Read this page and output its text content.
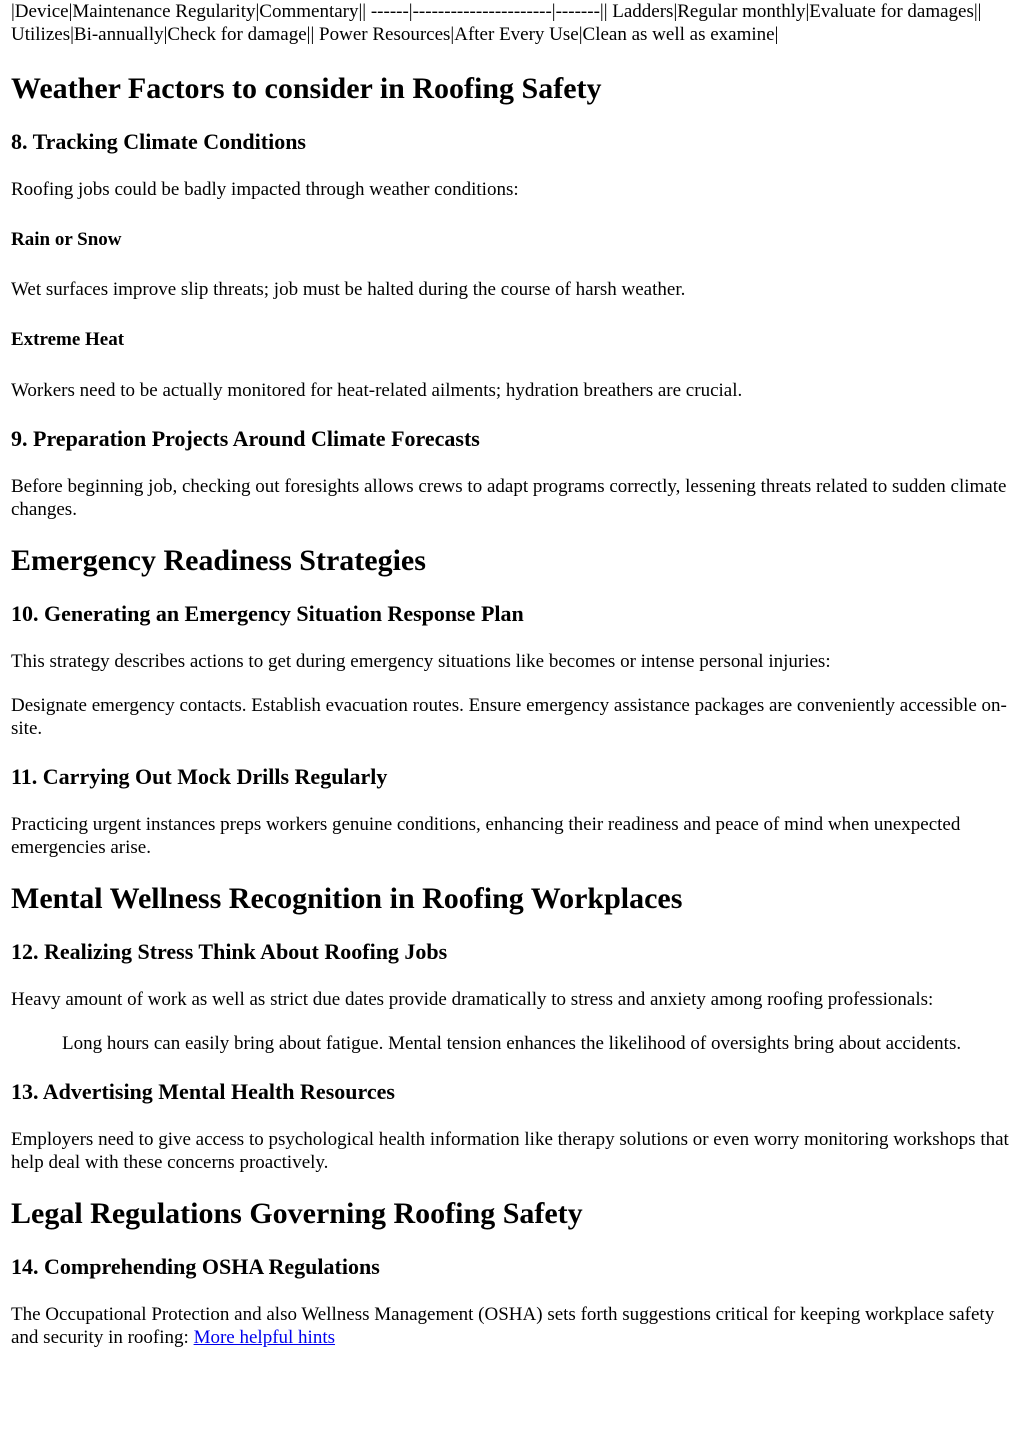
|Device|Maintenance Regularity|Commentary|| ------|----------------------|-------|| Ladders|Regular monthly|Evaluate for damages|| Utilizes|Bi-annually|Check for damage|| Power Resources|After Every Use|Clean as well as examine|

Weather Factors to consider in Roofing Safety
8. Tracking Climate Conditions

Roofing jobs could be badly impacted through weather conditions:

Rain or Snow

Wet surfaces improve slip threats; job must be halted during the course of harsh weather.

Extreme Heat

Workers need to be actually monitored for heat-related ailments; hydration breathers are crucial.

9. Preparation Projects Around Climate Forecasts

Before beginning job, checking out foresights allows crews to adapt programs correctly, lessening threats related to sudden climate changes.

Emergency Readiness Strategies
10. Generating an Emergency Situation Response Plan

This strategy describes actions to get during emergency situations like becomes or intense personal injuries:

Designate emergency contacts. Establish evacuation routes. Ensure emergency assistance packages are conveniently accessible on-site.

11. Carrying Out Mock Drills Regularly

Practicing urgent instances preps workers genuine conditions, enhancing their readiness and peace of mind when unexpected emergencies arise.

Mental Wellness Recognition in Roofing Workplaces
12. Realizing Stress Think About Roofing Jobs

Heavy amount of work as well as strict due dates provide dramatically to stress and anxiety among roofing professionals:

Long hours can easily bring about fatigue. Mental tension enhances the likelihood of oversights bring about accidents.
13. Advertising Mental Health Resources

Employers need to give access to psychological health information like therapy solutions or even worry monitoring workshops that help deal with these concerns proactively.

Legal Regulations Governing Roofing Safety
14. Comprehending OSHA Regulations

The Occupational Protection and also Wellness Management (OSHA) sets forth suggestions critical for keeping workplace safety and security in roofing: More helpful hints
